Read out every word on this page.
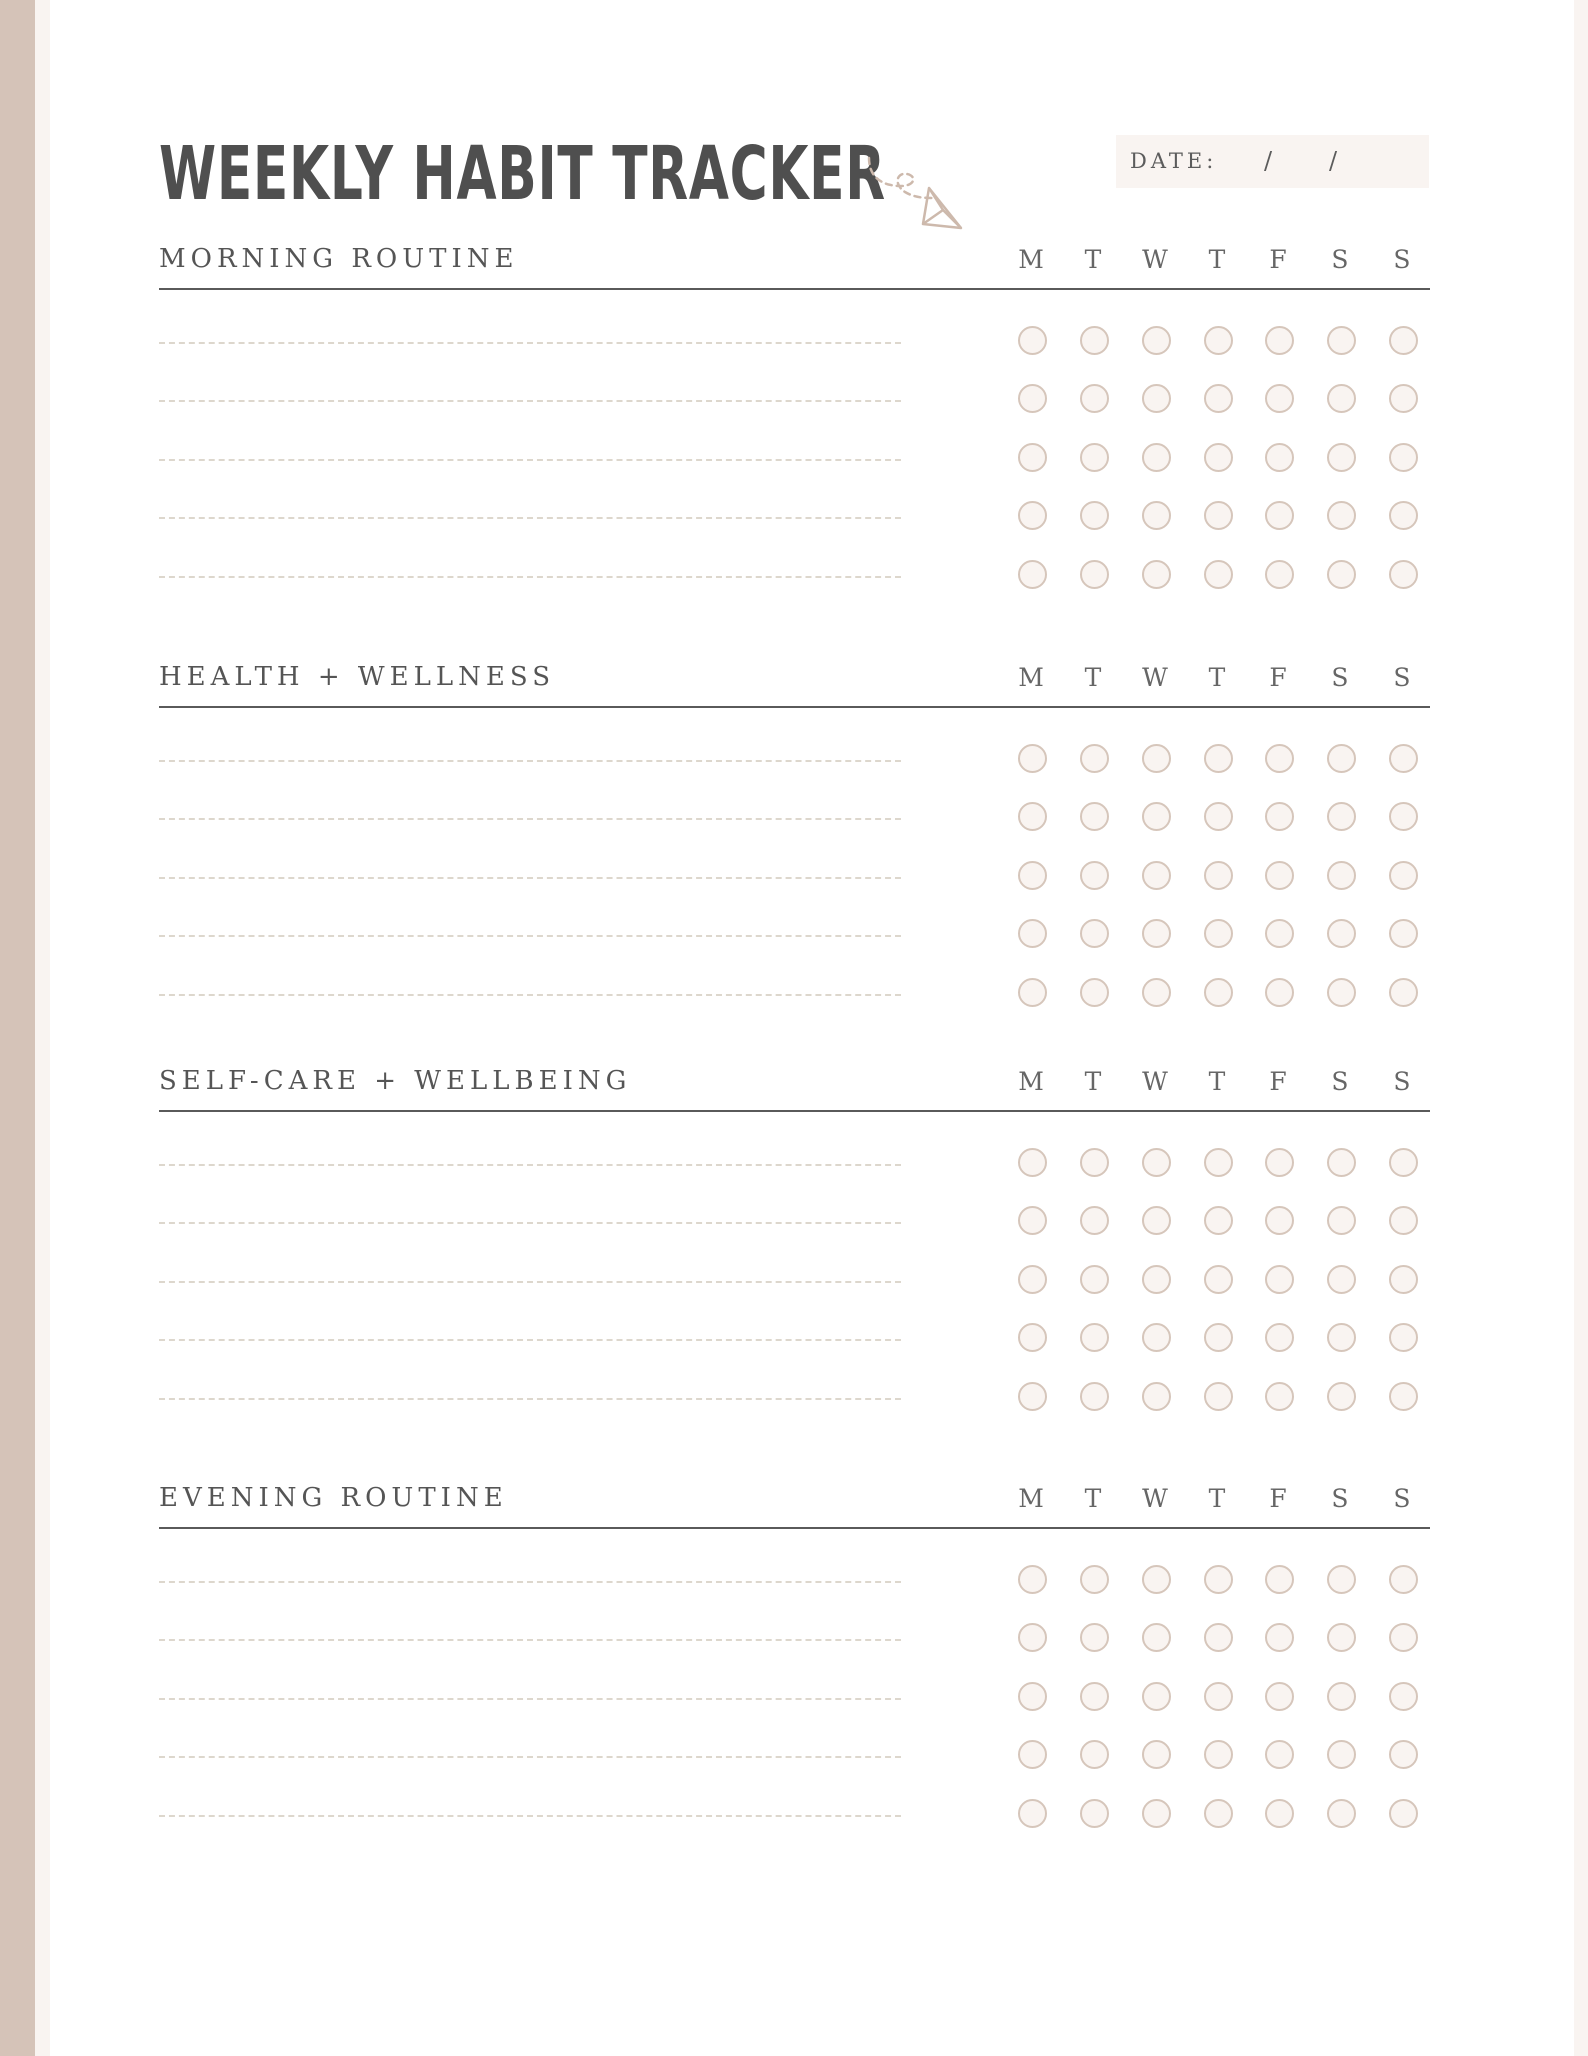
WEEKLY HABIT TRACKER	DATE: / /
MORNING ROUTINE	M	T	W	T	F	S	S
HEALTH + WELLNESS	M	T	W	T	F	S	S
SELF-CARE + WELLBEING	M	T	W	T	F	S	S
EVENING ROUTINE	M	T	W	T	F	S	S
